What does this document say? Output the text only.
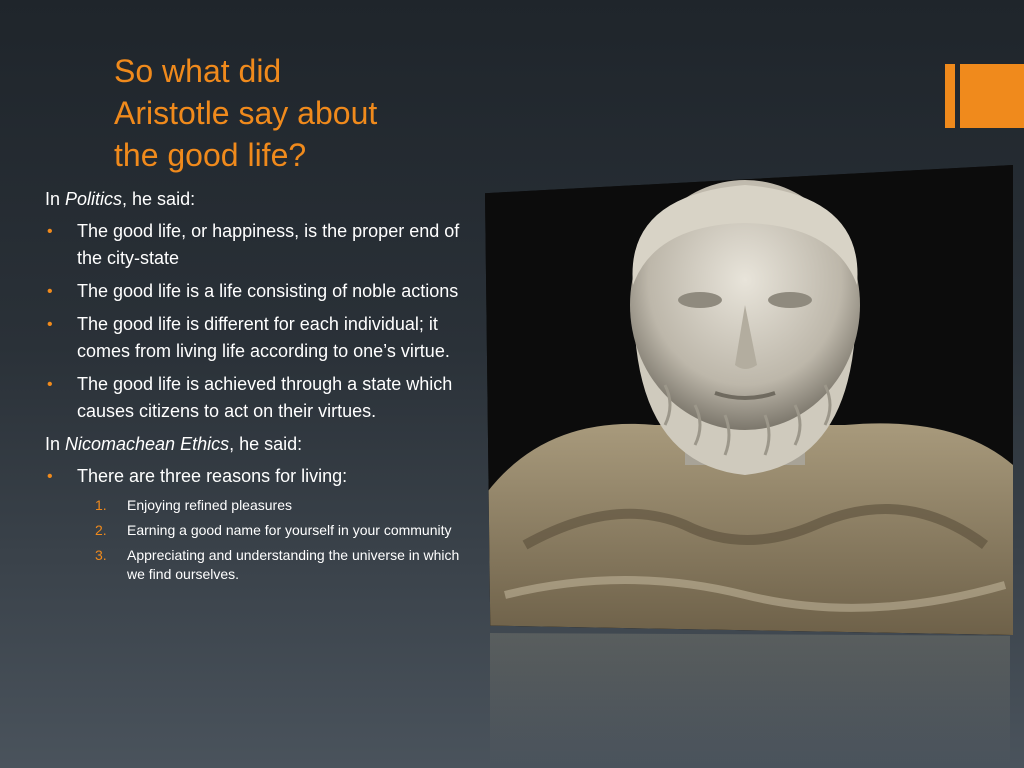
So what did
Aristotle say about
the good life?

In Politics, he said:

• The good life, or happiness, is the proper end of the city-state
• The good life is a life consisting of noble actions
• The good life is different for each individual; it comes from living life according to one’s virtue.
• The good life is achieved through a state which causes citizens to act on their virtues.

In Nicomachean Ethics, he said:

• There are three reasons for living:
1. Enjoying refined pleasures
2. Earning a good name for yourself in your community
3. Appreciating and understanding the universe in which we find ourselves.
